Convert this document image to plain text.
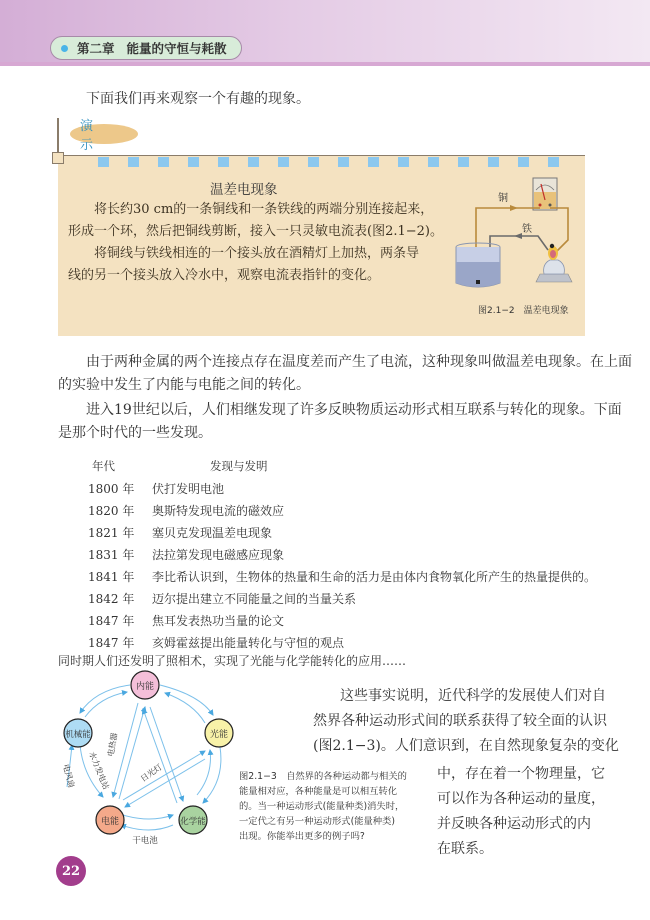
第二章 能量的守恒与耗散
下面我们再来观察一个有趣的现象。
演 示
温差电现象
将长约30 cm的一条铜线和一条铁线的两端分别连接起来，
形成一个环，然后把铜线剪断，接入一只灵敏电流表(图2.1−2)。
将铜线与铁线相连的一个接头放在酒精灯上加热，两条导
线的另一个接头放入冷水中，观察电流表指针的变化。
铜
铁
图2.1−2　温差电现象
由于两种金属的两个连接点存在温度差而产生了电流，这种现象叫做温差电现象。在上面
的实验中发生了内能与电能之间的转化。
进入19世纪以后，人们相继发现了许多反映物质运动形式相互联系与转化的现象。下面
是那个时代的一些发现。
年代	发现与发明
1800 年	伏打发明电池
1820 年	奥斯特发现电流的磁效应
1821 年	塞贝克发现温差电现象
1831 年	法拉第发现电磁感应现象
1841 年	李比希认识到，生物体的热量和生命的活力是由体内食物氧化所产生的热量提供的。
1842 年	迈尔提出建立不同能量之间的当量关系
1847 年	焦耳发表热功当量的论文
1847 年	亥姆霍兹提出能量转化与守恒的观点
同时期人们还发明了照相术，实现了光能与化学能转化的应用……
内能
光能
化学能
电能
机械能 电热器
水力发电站
电风扇	日光灯
干电池
图2.1−3　自然界的各种运动都与相关的
能量相对应，各种能量是可以相互转化
的。当一种运动形式(能量种类)消失时，
一定代之有另一种运动形式(能量种类)
出现。你能举出更多的例子吗?
这些事实说明，近代科学的发展使人们对自
然界各种运动形式间的联系获得了较全面的认识
(图2.1−3)。人们意识到，在自然现象复杂的变化
中，存在着一个物理量，它
可以作为各种运动的量度，
并反映各种运动形式的内
在联系。
22
